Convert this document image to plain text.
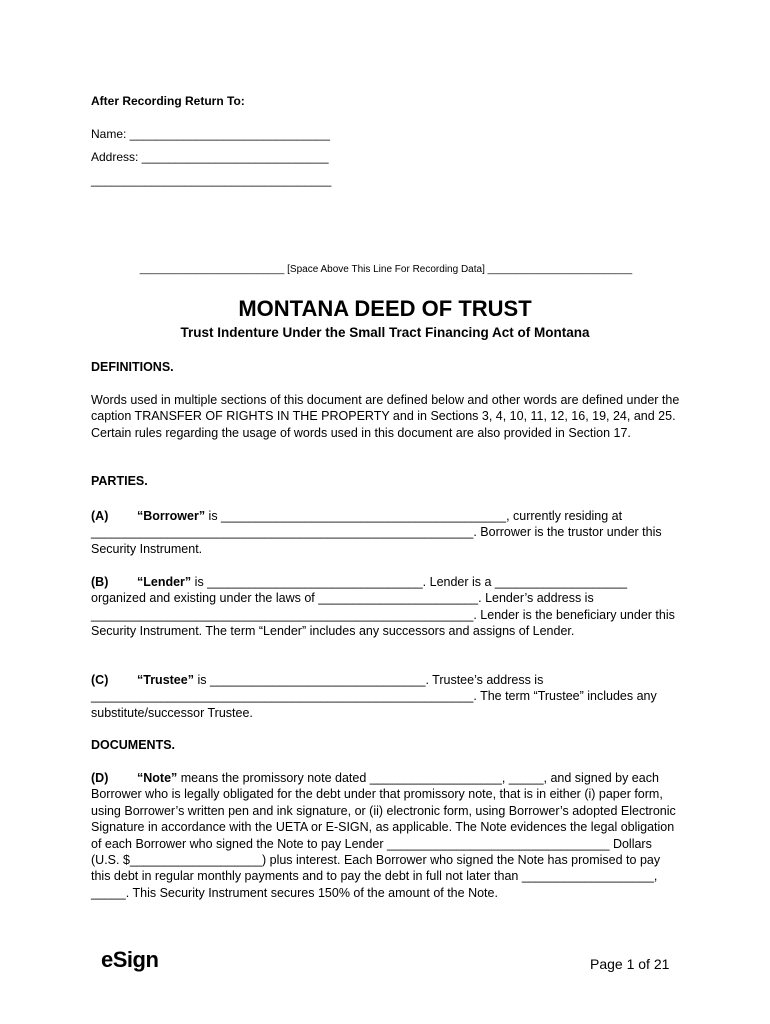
After Recording Return To:
Name: ______________________________
Address: ____________________________
____________________________________
__________________________ [Space Above This Line For Recording Data] __________________________
MONTANA DEED OF TRUST
Trust Indenture Under the Small Tract Financing Act of Montana
DEFINITIONS.
Words used in multiple sections of this document are defined below and other words are defined under the caption TRANSFER OF RIGHTS IN THE PROPERTY and in Sections 3, 4, 10, 11, 12, 16, 19, 24, and 25. Certain rules regarding the usage of words used in this document are also provided in Section 17.
PARTIES.
(A) “Borrower” is _________________________________________, currently residing at _______________________________________________________. Borrower is the trustor under this Security Instrument.
(B) “Lender” is _______________________________. Lender is a ___________________ organized and existing under the laws of _______________________. Lender’s address is _______________________________________________________. Lender is the beneficiary under this Security Instrument. The term “Lender” includes any successors and assigns of Lender.
(C) “Trustee” is _______________________________. Trustee’s address is _______________________________________________________. The term “Trustee” includes any substitute/successor Trustee.
DOCUMENTS.
(D) “Note” means the promissory note dated ___________________, _____, and signed by each Borrower who is legally obligated for the debt under that promissory note, that is in either (i) paper form, using Borrower’s written pen and ink signature, or (ii) electronic form, using Borrower’s adopted Electronic Signature in accordance with the UETA or E-SIGN, as applicable. The Note evidences the legal obligation of each Borrower who signed the Note to pay Lender ________________________________ Dollars (U.S. $___________________) plus interest. Each Borrower who signed the Note has promised to pay this debt in regular monthly payments and to pay the debt in full not later than ___________________, _____. This Security Instrument secures 150% of the amount of the Note.
eSign	Page 1 of 21
